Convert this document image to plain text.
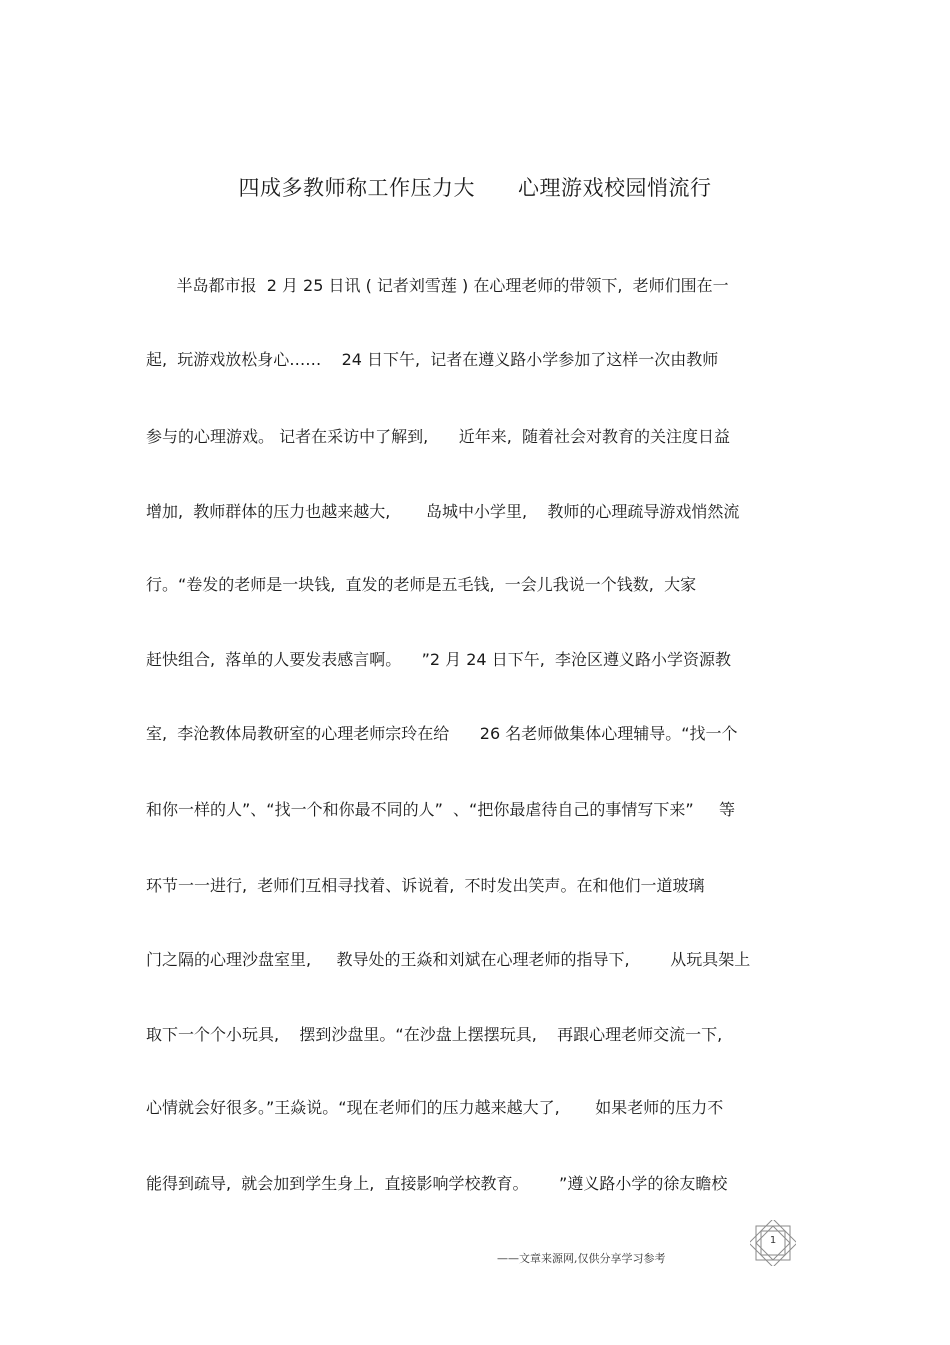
四成多教师称工作压力大      心理游戏校园悄流行
半岛都市报  2 月 25 日讯 ( 记者刘雪莲 ) 在心理老师的带领下,  老师们围在一
起,  玩游戏放松身心……    24 日下午,  记者在遵义路小学参加了这样一次由教师
参与的心理游戏。 记者在采访中了解到,      近年来,  随着社会对教育的关注度日益
增加,  教师群体的压力也越来越大,       岛城中小学里,    教师的心理疏导游戏悄然流
行。“卷发的老师是一块钱,  直发的老师是五毛钱,  一会儿我说一个钱数,  大家
赶快组合,  落单的人要发表感言啊。    ”2 月 24 日下午,  李沧区遵义路小学资源教
室,  李沧教体局教研室的心理老师宗玲在给      26 名老师做集体心理辅导。“找一个
和你一样的人”、“找一个和你最不同的人”  、“把你最虐待自己的事情写下来”     等
环节一一进行,  老师们互相寻找着、诉说着,  不时发出笑声。在和他们一道玻璃
门之隔的心理沙盘室里,     教导处的王焱和刘斌在心理老师的指导下,        从玩具架上
取下一个个小玩具,    摆到沙盘里。“在沙盘上摆摆玩具,    再跟心理老师交流一下,
心情就会好很多。”王焱说。“现在老师们的压力越来越大了,       如果老师的压力不
能得到疏导,  就会加到学生身上,  直接影响学校教育。      ”遵义路小学的徐友瞻校
——文章来源网,仅供分享学习参考
1
